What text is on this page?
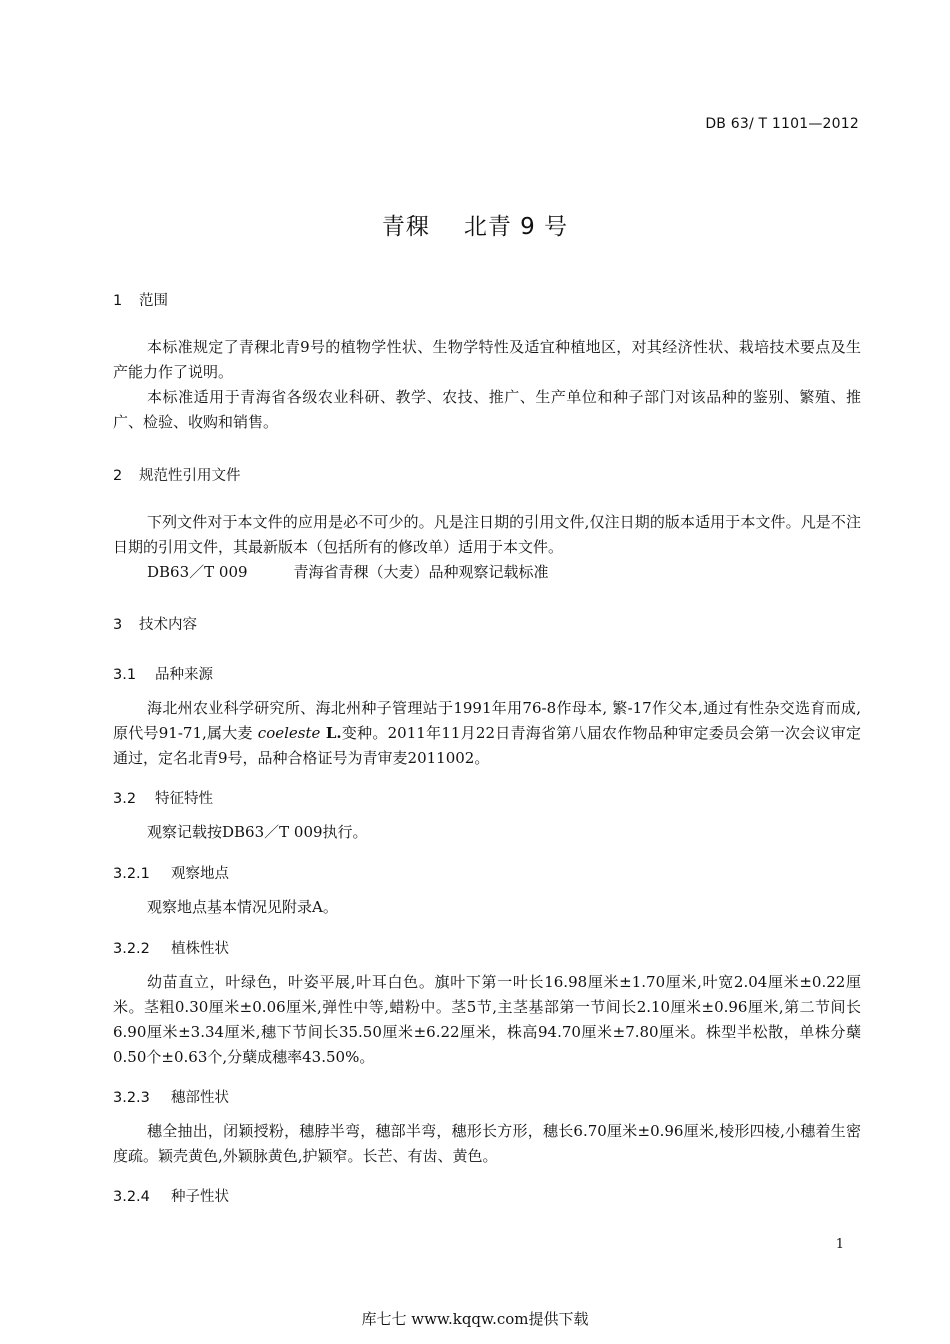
DB 63/ T 1101—2012
青稞 北青 9 号
1 范围
本标准规定了青稞北青9号的植物学性状、生物学特性及适宜种植地区，对其经济性状、栽培技术要点及生产能力作了说明。
本标准适用于青海省各级农业科研、教学、农技、推广、生产单位和种子部门对该品种的鉴别、繁殖、推广、检验、收购和销售。
2 规范性引用文件
下列文件对于本文件的应用是必不可少的。凡是注日期的引用文件,仅注日期的版本适用于本文件。凡是不注日期的引用文件，其最新版本（包括所有的修改单）适用于本文件。
DB63／T 009	青海省青稞（大麦）品种观察记载标准
3 技术内容
3.1 品种来源
海北州农业科学研究所、海北州种子管理站于1991年用76-8作母本, 繁-17作父本,通过有性杂交选育而成,原代号91-71,属大麦 coeleste L.变种。2011年11月22日青海省第八届农作物品种审定委员会第一次会议审定通过，定名北青9号，品种合格证号为青审麦2011002。
3.2 特征特性
观察记载按DB63／T 009执行。
3.2.1 观察地点
观察地点基本情况见附录A。
3.2.2 植株性状
幼苗直立，叶绿色，叶姿平展,叶耳白色。旗叶下第一叶长16.98厘米±1.70厘米,叶宽2.04厘米±0.22厘米。茎粗0.30厘米±0.06厘米,弹性中等,蜡粉中。茎5节,主茎基部第一节间长2.10厘米±0.96厘米,第二节间长6.90厘米±3.34厘米,穗下节间长35.50厘米±6.22厘米，株高94.70厘米±7.80厘米。株型半松散，单株分蘖0.50个±0.63个,分蘖成穗率43.50%。
3.2.3 穗部性状
穗全抽出，闭颖授粉，穗脖半弯，穗部半弯，穗形长方形，穗长6.70厘米±0.96厘米,棱形四棱,小穗着生密度疏。颖壳黄色,外颖脉黄色,护颖窄。长芒、有齿、黄色。
3.2.4 种子性状
1
库七七 www.kqqw.com提供下载
